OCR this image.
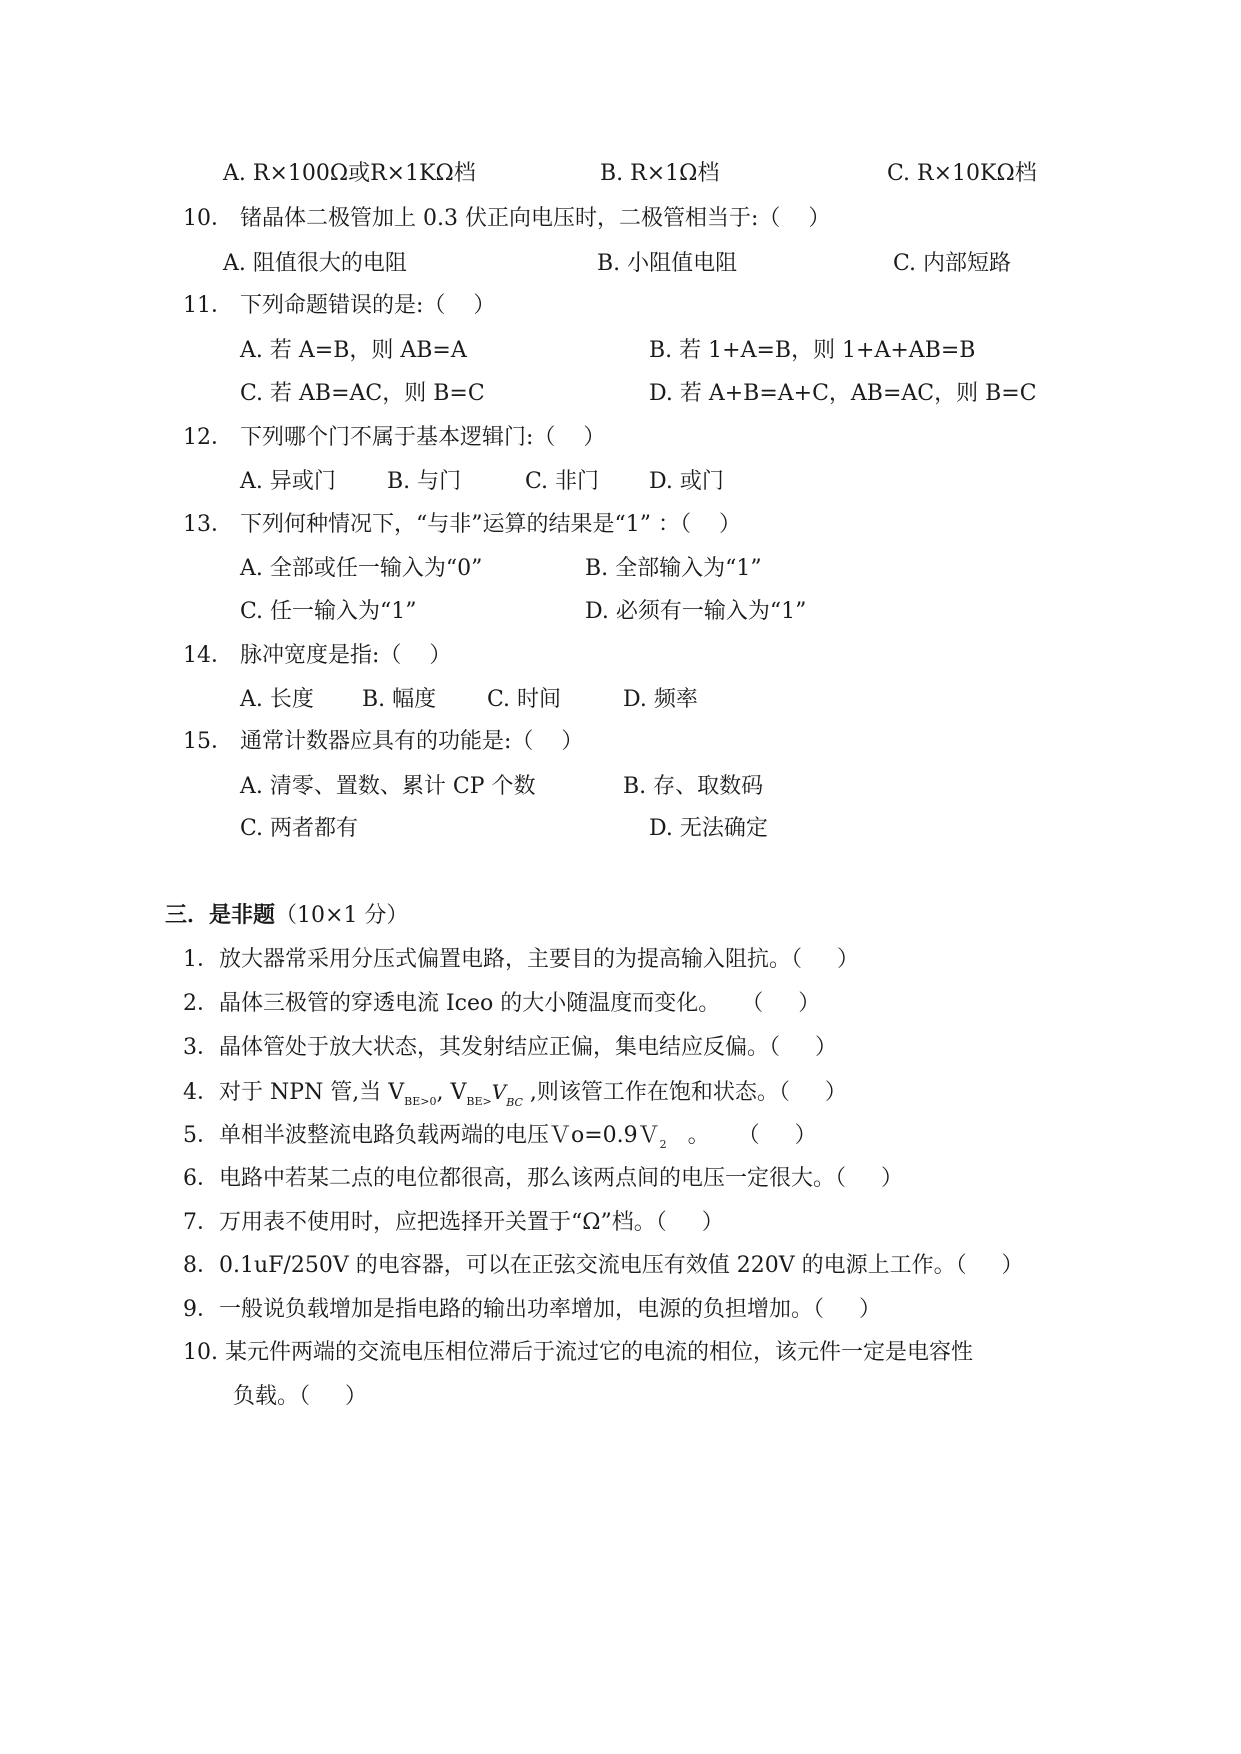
A. R×100Ω或R×1KΩ档	B. R×1Ω档	C. R×10KΩ档
10． 锗晶体二极管加上 0.3 伏正向电压时，二极管相当于:（    ）
A. 阻值很大的电阻	B. 小阻值电阻	C. 内部短路
11． 下列命题错误的是:（    ）
A. 若 A=B，则 AB=A	B. 若 1+A=B，则 1+A+AB=B
C. 若 AB=AC，则 B=C	D. 若 A+B=A+C，AB=AC，则 B=C
12． 下列哪个门不属于基本逻辑门:（    ）
A. 异或门 B. 与门	C. 非门 D. 或门
13． 下列何种情况下，“与非”运算的结果是“1” ：（    ）
A. 全部或任一输入为“0”	B. 全部输入为“1”
C. 任一输入为“1”	D. 必须有一输入为“1”
14． 脉冲宽度是指:（    ）
A. 长度 B. 幅度 C. 时间	D. 频率
15． 通常计数器应具有的功能是:（    ）
A. 清零、置数、累计 CP 个数	B. 存、取数码
C. 两者都有	D. 无法确定
三．是非题（10×1 分）
1．放大器常采用分压式偏置电路，主要目的为提高输入阻抗。（     ）
2．晶体三极管的穿透电流 Iceo 的大小随温度而变化。   （     ）
3．晶体管处于放大状态，其发射结应正偏，集电结应反偏。（     ）
4．对于 NPN 管,当 $V_{BE>0}$, $V_{BE>}V_{BC}$ ,则该管工作在饱和状态。（     ）
5．单相半波整流电路负载两端的电压Ｖo=0.9Ｖ$_2$   。    （     ）
6．电路中若某二点的电位都很高，那么该两点间的电压一定很大。（     ）
7．万用表不使用时，应把选择开关置于“Ω”档。（     ）
8．0.1uF/250V 的电容器，可以在正弦交流电压有效值 220V 的电源上工作。（     ）
9．一般说负载增加是指电路的输出功率增加，电源的负担增加。（     ）
10. 某元件两端的交流电压相位滞后于流过它的电流的相位，该元件一定是电容性
负载。（     ）
